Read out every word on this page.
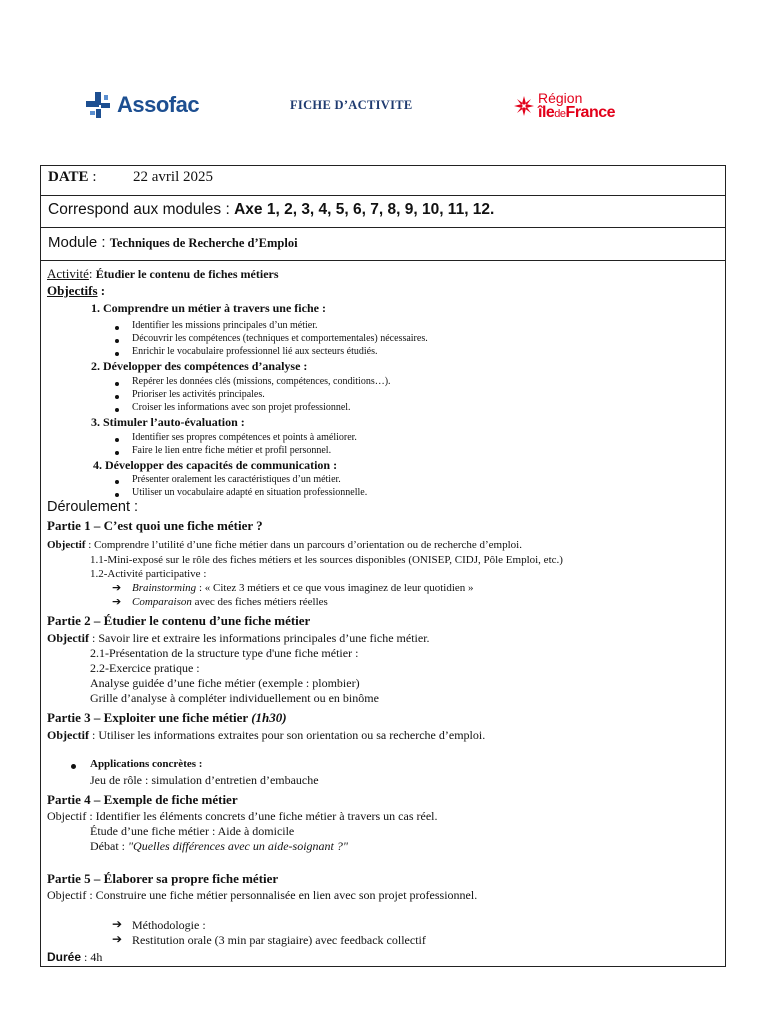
Assofac	FICHE D’ACTIVITE	Région
îledeFrance
DATE : 22 avril 2025
Correspond aux modules : Axe 1, 2, 3, 4, 5, 6, 7, 8, 9, 10, 11, 12.
Module : Techniques de Recherche d’Emploi
Activité: Étudier le contenu de fiches métiers
Objectifs :
1. Comprendre un métier à travers une fiche :
Identifier les missions principales d’un métier.
Découvrir les compétences (techniques et comportementales) nécessaires.
Enrichir le vocabulaire professionnel lié aux secteurs étudiés.
2. Développer des compétences d’analyse :
Repérer les données clés (missions, compétences, conditions…).
Prioriser les activités principales.
Croiser les informations avec son projet professionnel.
3. Stimuler l’auto-évaluation :
Identifier ses propres compétences et points à améliorer.
Faire le lien entre fiche métier et profil personnel.
4. Développer des capacités de communication :
Présenter oralement les caractéristiques d’un métier.
Utiliser un vocabulaire adapté en situation professionnelle.
Déroulement :
Partie 1 – C’est quoi une fiche métier ?
Objectif : Comprendre l’utilité d’une fiche métier dans un parcours d’orientation ou de recherche d’emploi.
1.1-Mini-exposé sur le rôle des fiches métiers et les sources disponibles (ONISEP, CIDJ, Pôle Emploi, etc.)
1.2-Activité participative :
➔ Brainstorming : « Citez 3 métiers et ce que vous imaginez de leur quotidien »
➔ Comparaison avec des fiches métiers réelles
Partie 2 – Étudier le contenu d’une fiche métier
Objectif : Savoir lire et extraire les informations principales d’une fiche métier.
2.1-Présentation de la structure type d'une fiche métier :
2.2-Exercice pratique :
Analyse guidée d’une fiche métier (exemple : plombier)
Grille d’analyse à compléter individuellement ou en binôme
Partie 3 – Exploiter une fiche métier (1h30)
Objectif : Utiliser les informations extraites pour son orientation ou sa recherche d’emploi.
Applications concrètes :
Jeu de rôle : simulation d’entretien d’embauche
Partie 4 – Exemple de fiche métier
Objectif : Identifier les éléments concrets d’une fiche métier à travers un cas réel.
Étude d’une fiche métier : Aide à domicile
Débat : "Quelles différences avec un aide-soignant ?"
Partie 5 – Élaborer sa propre fiche métier
Objectif : Construire une fiche métier personnalisée en lien avec son projet professionnel.
➔ Méthodologie :
➔ Restitution orale (3 min par stagiaire) avec feedback collectif
Durée : 4h
